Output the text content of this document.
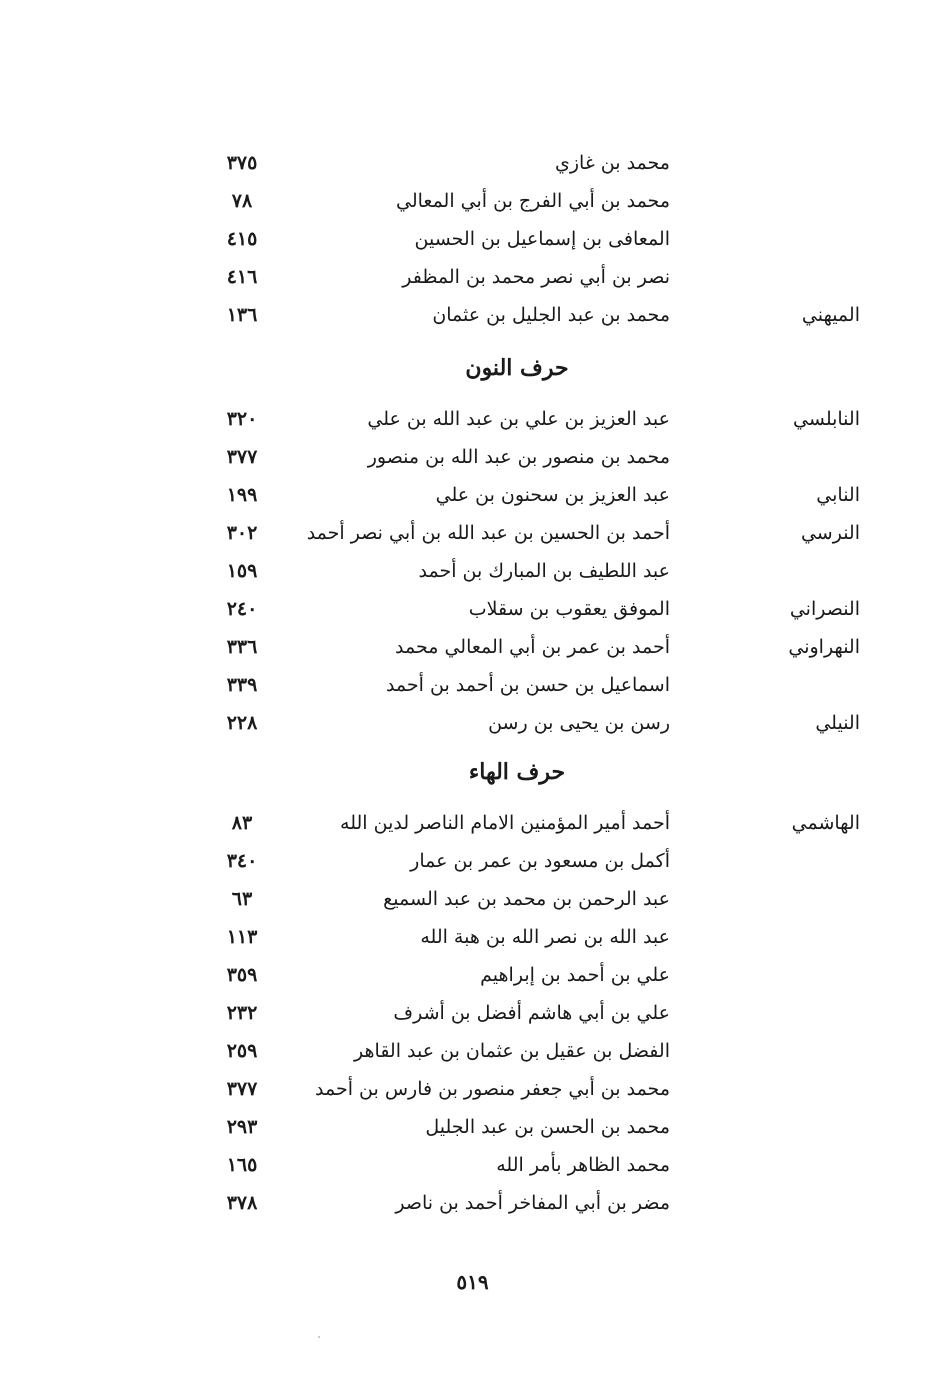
محمد بن غازي
٣٧٥
محمد بن أبي الفرج بن أبي المعالي
٧٨
المعافى بن إسماعيل بن الحسين
٤١٥
نصر بن أبي نصر محمد بن المظفر
٤١٦
الميهني
محمد بن عبد الجليل بن عثمان
١٣٦
حرف النون
النابلسي
عبد العزيز بن علي بن عبد الله بن علي
٣٢٠
محمد بن منصور بن عبد الله بن منصور
٣٧٧
النابي
عبد العزيز بن سحنون بن علي
١٩٩
النرسي
أحمد بن الحسين بن عبد الله بن أبي نصر أحمد
٣٠٢
عبد اللطيف بن المبارك بن أحمد
١٥٩
النصراني
الموفق يعقوب بن سقلاب
٢٤٠
النهراوني
أحمد بن عمر بن أبي المعالي محمد
٣٣٦
اسماعيل بن حسن بن أحمد بن أحمد
٣٣٩
النيلي
رسن بن يحيى بن رسن
٢٢٨
حرف الهاء
الهاشمي
أحمد أمير المؤمنين الامام الناصر لدين الله
٨٣
أكمل بن مسعود بن عمر بن عمار
٣٤٠
عبد الرحمن بن محمد بن عبد السميع
٦٣
عبد الله بن نصر الله بن هبة الله
١١٣
علي بن أحمد بن إبراهيم
٣٥٩
علي بن أبي هاشم أفضل بن أشرف
٢٣٢
الفضل بن عقيل بن عثمان بن عبد القاهر
٢٥٩
محمد بن أبي جعفر منصور بن فارس بن أحمد
٣٧٧
محمد بن الحسن بن عبد الجليل
٢٩٣
محمد الظاهر بأمر الله
١٦٥
مضر بن أبي المفاخر أحمد بن ناصر
٣٧٨
٥١٩
